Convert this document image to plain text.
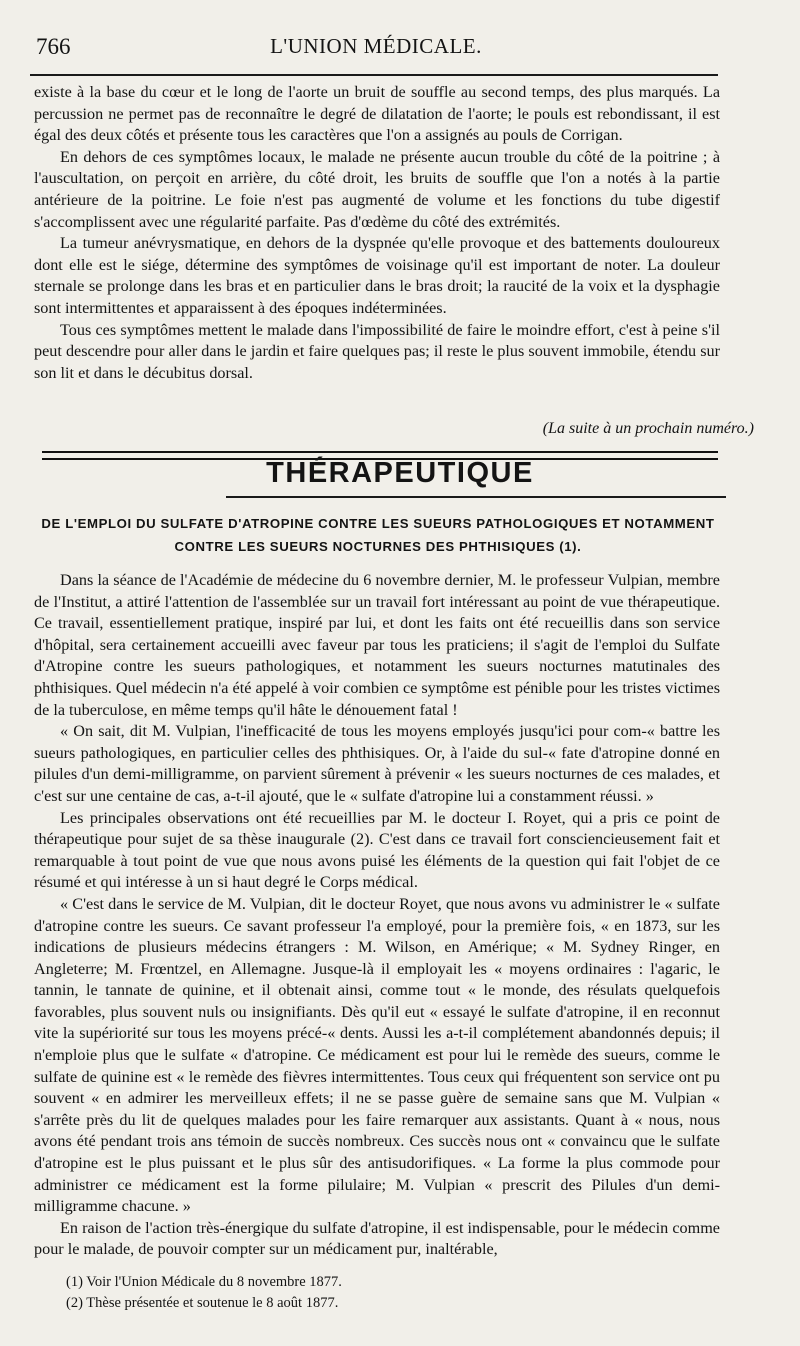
766	L'UNION MÉDICALE.

existe à la base du cœur et le long de l'aorte un bruit de souffle au second temps, des plus marqués. La percussion ne permet pas de reconnaître le degré de dilatation de l'aorte; le pouls est rebondissant, il est égal des deux côtés et présente tous les caractères que l'on a assignés au pouls de Corrigan.

En dehors de ces symptômes locaux, le malade ne présente aucun trouble du côté de la poitrine ; à l'auscultation, on perçoit en arrière, du côté droit, les bruits de souffle que l'on a notés à la partie antérieure de la poitrine. Le foie n'est pas augmenté de volume et les fonctions du tube digestif s'accomplissent avec une régularité parfaite. Pas d'œdème du côté des extrémités.

La tumeur anévrysmatique, en dehors de la dyspnée qu'elle provoque et des battements douloureux dont elle est le siége, détermine des symptômes de voisinage qu'il est important de noter. La douleur sternale se prolonge dans les bras et en particulier dans le bras droit; la raucité de la voix et la dysphagie sont intermittentes et apparaissent à des époques indéterminées.

Tous ces symptômes mettent le malade dans l'impossibilité de faire le moindre effort, c'est à peine s'il peut descendre pour aller dans le jardin et faire quelques pas; il reste le plus souvent immobile, étendu sur son lit et dans le décubitus dorsal.

(La suite à un prochain numéro.)
THÉRAPEUTIQUE
DE L'EMPLOI DU SULFATE D'ATROPINE CONTRE LES SUEURS PATHOLOGIQUES ET NOTAMMENT
CONTRE LES SUEURS NOCTURNES DES PHTHISIQUES (1).

Dans la séance de l'Académie de médecine du 6 novembre dernier, M. le professeur Vulpian, membre de l'Institut, a attiré l'attention de l'assemblée sur un travail fort intéressant au point de vue thérapeutique. Ce travail, essentiellement pratique, inspiré par lui, et dont les faits ont été recueillis dans son service d'hôpital, sera certainement accueilli avec faveur par tous les praticiens; il s'agit de l'emploi du Sulfate d'Atropine contre les sueurs pathologiques, et notamment les sueurs nocturnes matutinales des phthisiques. Quel médecin n'a été appelé à voir combien ce symptôme est pénible pour les tristes victimes de la tuberculose, en même temps qu'il hâte le dénouement fatal !

« On sait, dit M. Vulpian, l'inefficacité de tous les moyens employés jusqu'ici pour com-« battre les sueurs pathologiques, en particulier celles des phthisiques. Or, à l'aide du sul-« fate d'atropine donné en pilules d'un demi-milligramme, on parvient sûrement à prévenir « les sueurs nocturnes de ces malades, et c'est sur une centaine de cas, a-t-il ajouté, que le « sulfate d'atropine lui a constamment réussi. »

Les principales observations ont été recueillies par M. le docteur I. Royet, qui a pris ce point de thérapeutique pour sujet de sa thèse inaugurale (2). C'est dans ce travail fort consciencieusement fait et remarquable à tout point de vue que nous avons puisé les éléments de la question qui fait l'objet de ce résumé et qui intéresse à un si haut degré le Corps médical.

« C'est dans le service de M. Vulpian, dit le docteur Royet, que nous avons vu administrer le « sulfate d'atropine contre les sueurs. Ce savant professeur l'a employé, pour la première fois, « en 1873, sur les indications de plusieurs médecins étrangers : M. Wilson, en Amérique; « M. Sydney Ringer, en Angleterre; M. Frœntzel, en Allemagne. Jusque-là il employait les « moyens ordinaires : l'agaric, le tannin, le tannate de quinine, et il obtenait ainsi, comme tout « le monde, des résulats quelquefois favorables, plus souvent nuls ou insignifiants. Dès qu'il eut « essayé le sulfate d'atropine, il en reconnut vite la supériorité sur tous les moyens précé-« dents. Aussi les a-t-il complétement abandonnés depuis; il n'emploie plus que le sulfate « d'atropine. Ce médicament est pour lui le remède des sueurs, comme le sulfate de quinine est « le remède des fièvres intermittentes. Tous ceux qui fréquentent son service ont pu souvent « en admirer les merveilleux effets; il ne se passe guère de semaine sans que M. Vulpian « s'arrête près du lit de quelques malades pour les faire remarquer aux assistants. Quant à « nous, nous avons été pendant trois ans témoin de succès nombreux. Ces succès nous ont « convaincu que le sulfate d'atropine est le plus puissant et le plus sûr des antisudorifiques. « La forme la plus commode pour administrer ce médicament est la forme pilulaire; M. Vulpian « prescrit des Pilules d'un demi-milligramme chacune. »

En raison de l'action très-énergique du sulfate d'atropine, il est indispensable, pour le médecin comme pour le malade, de pouvoir compter sur un médicament pur, inaltérable,

(1) Voir l'Union Médicale du 8 novembre 1877.
(2) Thèse présentée et soutenue le 8 août 1877.
